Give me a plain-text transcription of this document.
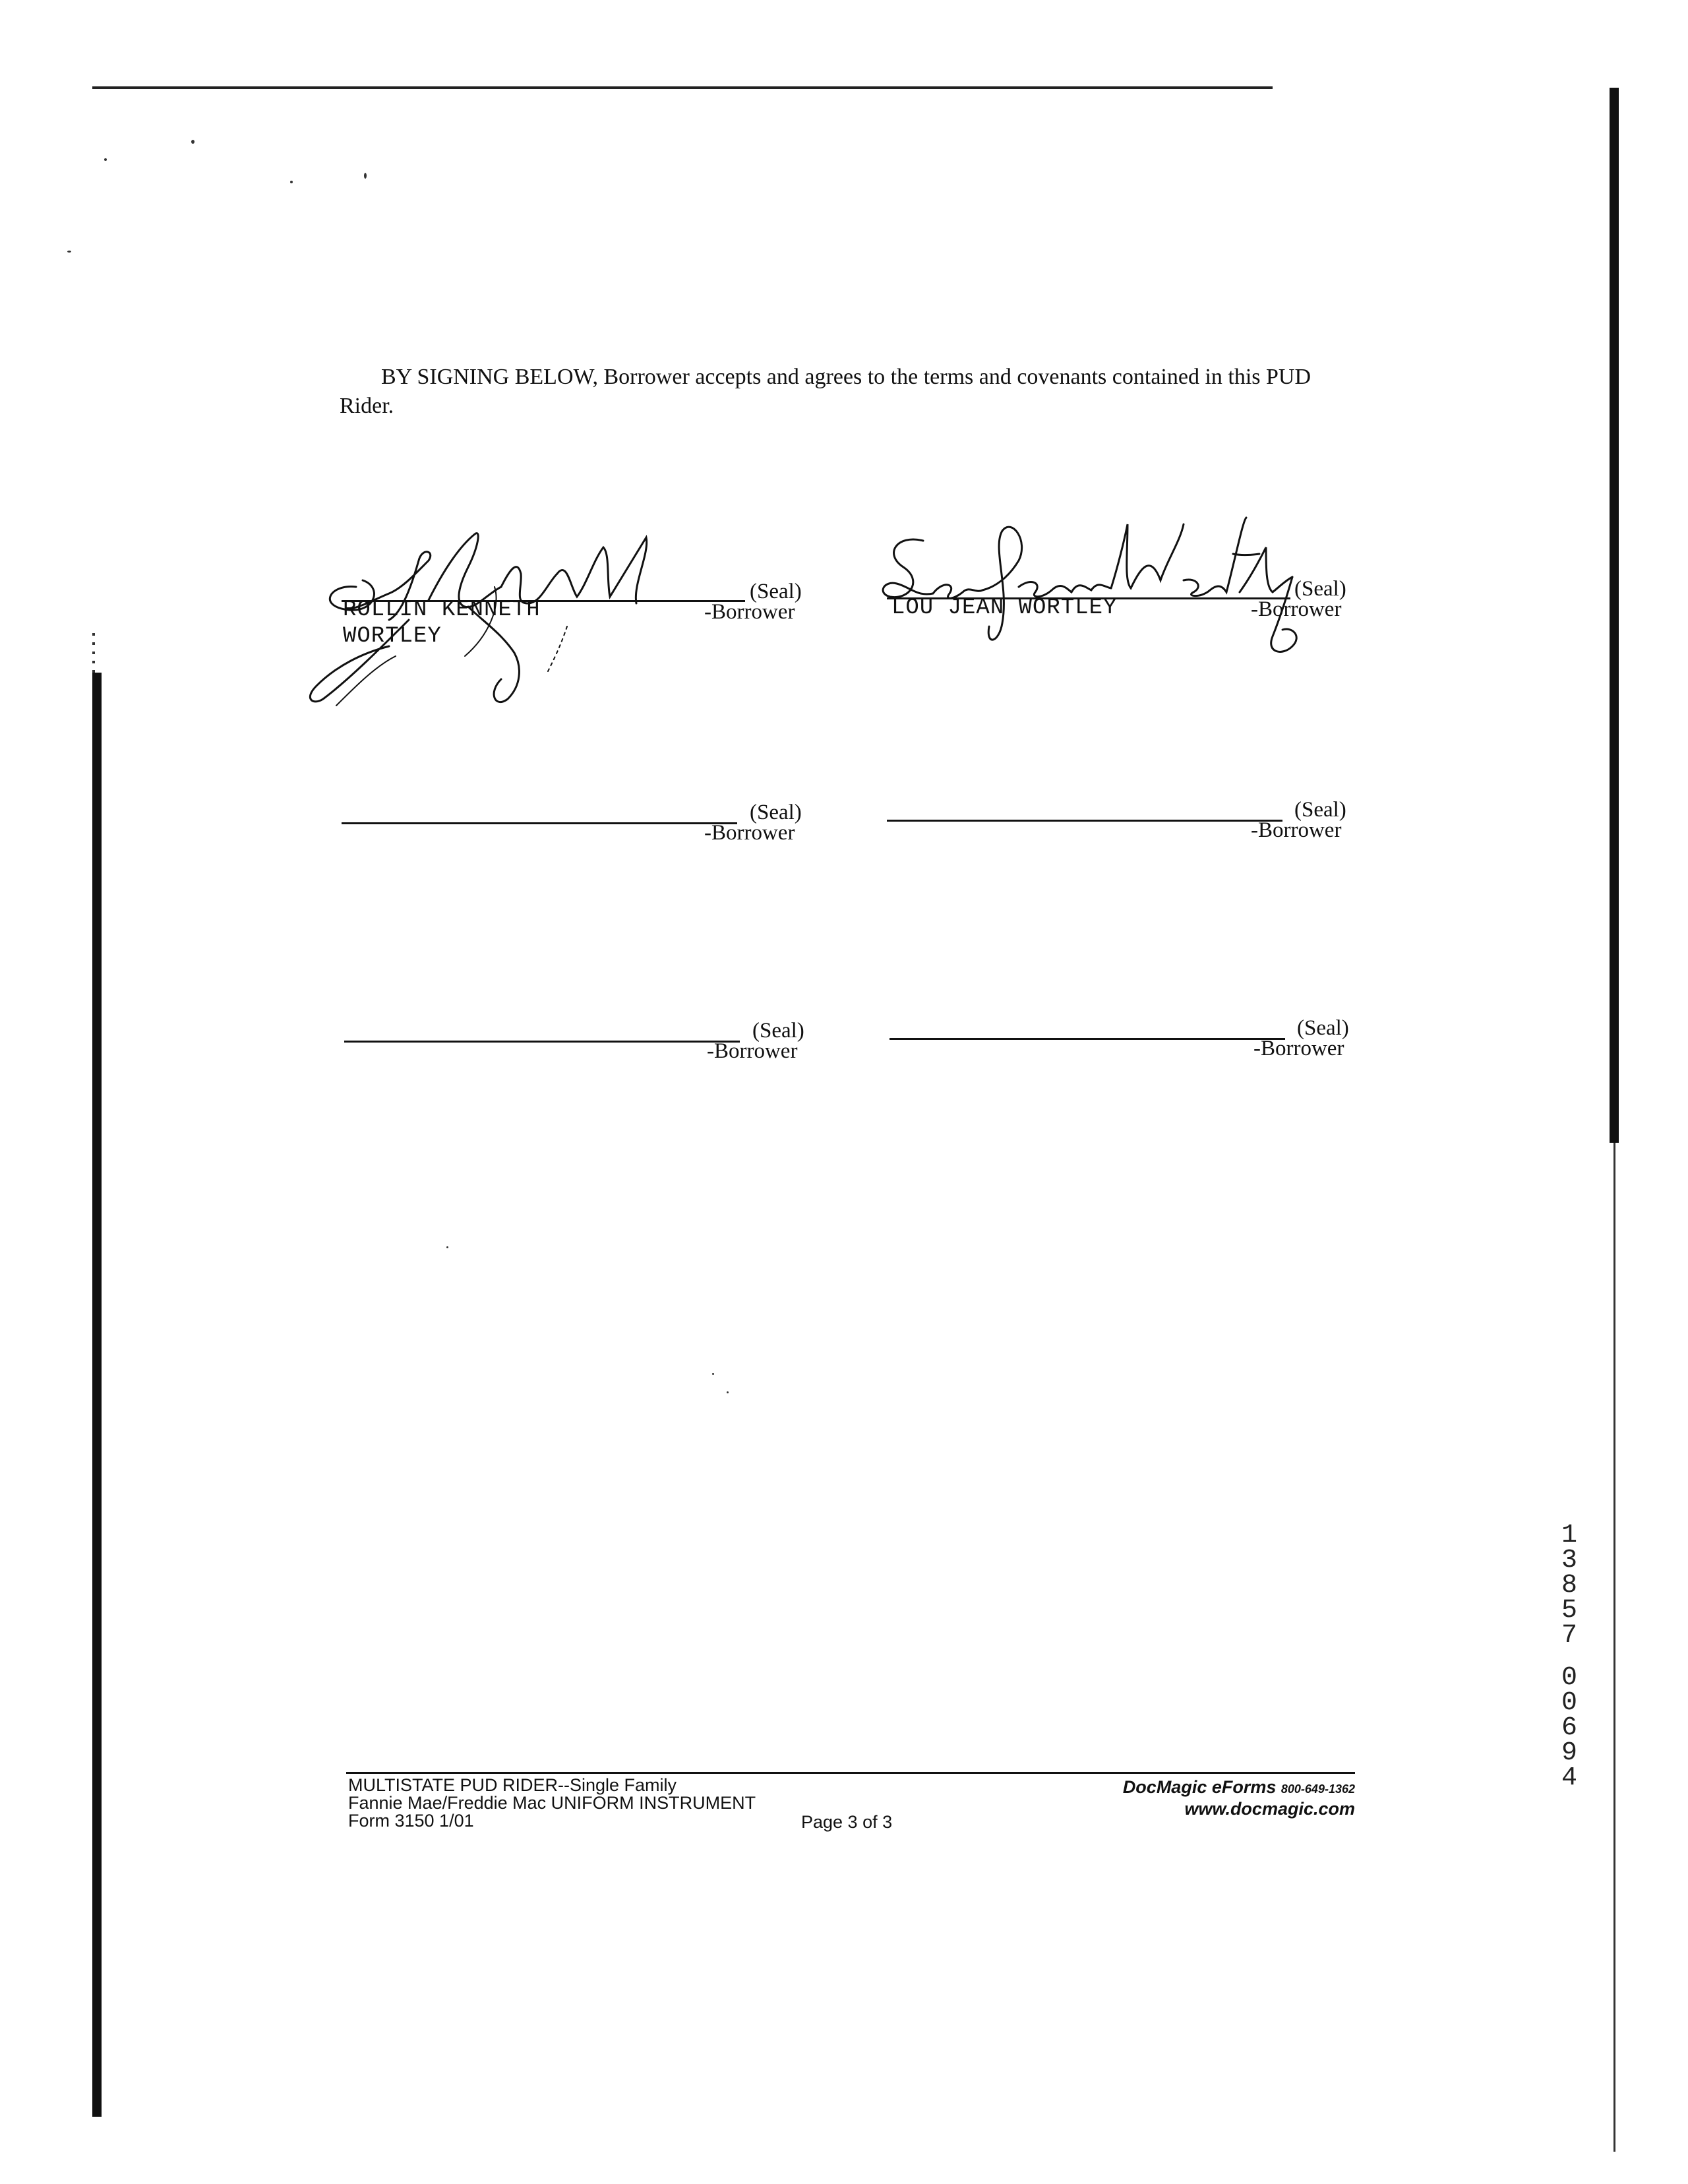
BY SIGNING BELOW, Borrower accepts and agrees to the terms and covenants contained in this PUD Rider.
(Seal)
-Borrower
ROLLIN KENNETH
WORTLEY
(Seal)
-Borrower
LOU JEAN WORTLEY
(Seal)
-Borrower
(Seal)
-Borrower
(Seal)
-Borrower
(Seal)
-Borrower
1
3
8
5
7
0
0
6
9
4
MULTISTATE PUD RIDER--Single Family
Fannie Mae/Freddie Mac UNIFORM INSTRUMENT
Form 3150 1/01	Page 3 of 3
DocMagic eForms 800-649-1362
www.docmagic.com
